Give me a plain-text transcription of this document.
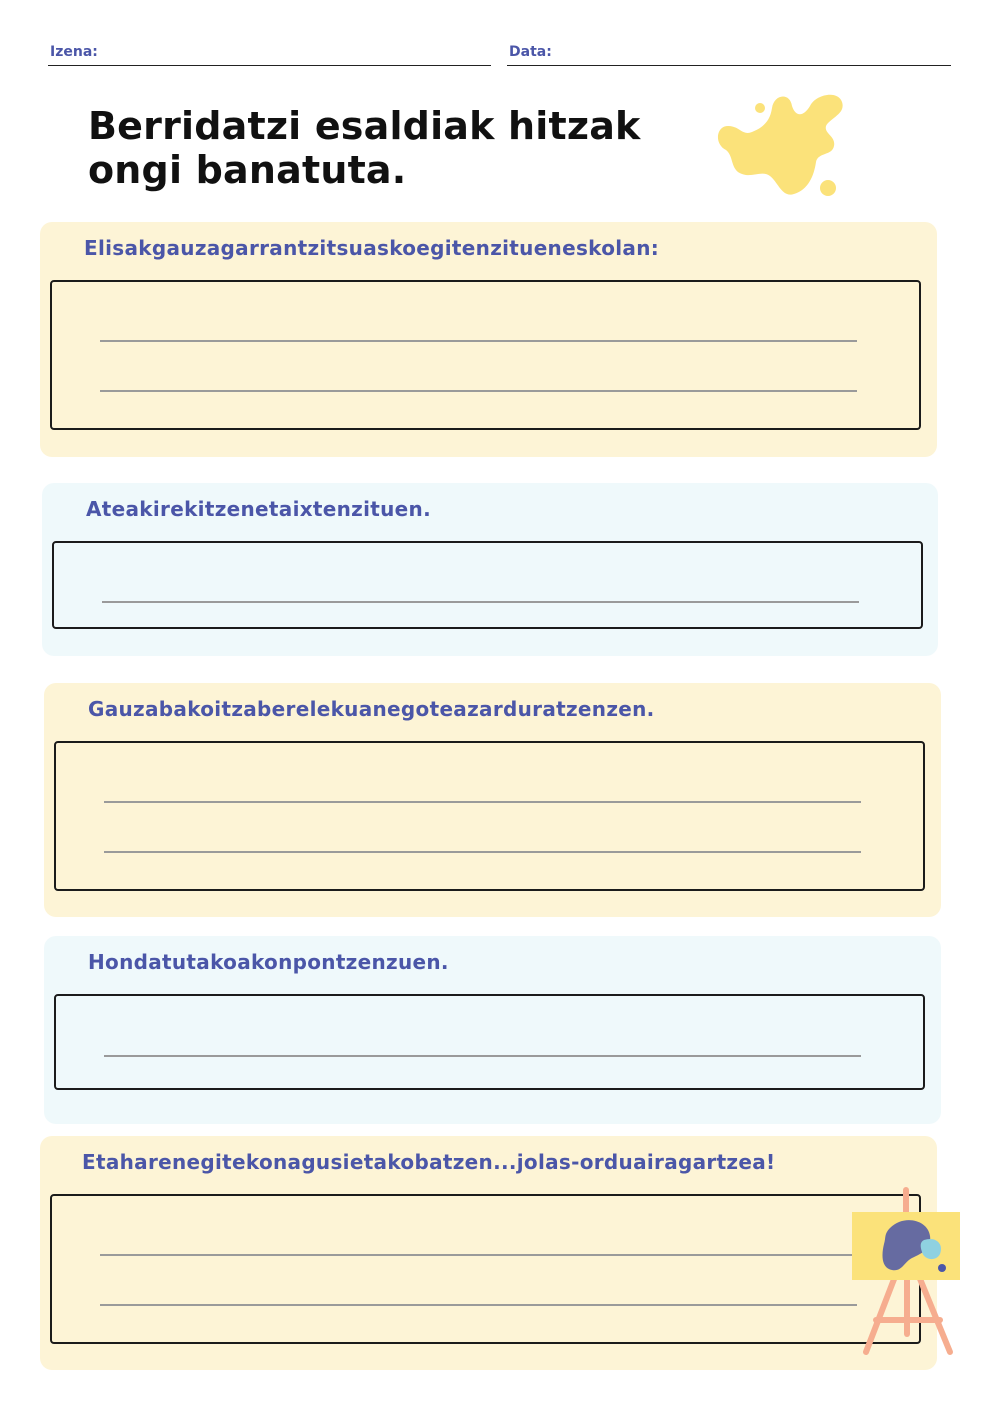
Izena:	Data:
Berridatzi esaldiak hitzak
ongi banatuta.
Elisakgauzagarrantzitsuaskoegitenzitueneskolan:
Ateakirekitzenetaixtenzituen.
Gauzabakoitzaberelekuanegoteazarduratzenzen.
Hondatutakoakonpontzenzuen.
Etaharenegitekonagusietakobatzen...jolas-orduairagartzea!
